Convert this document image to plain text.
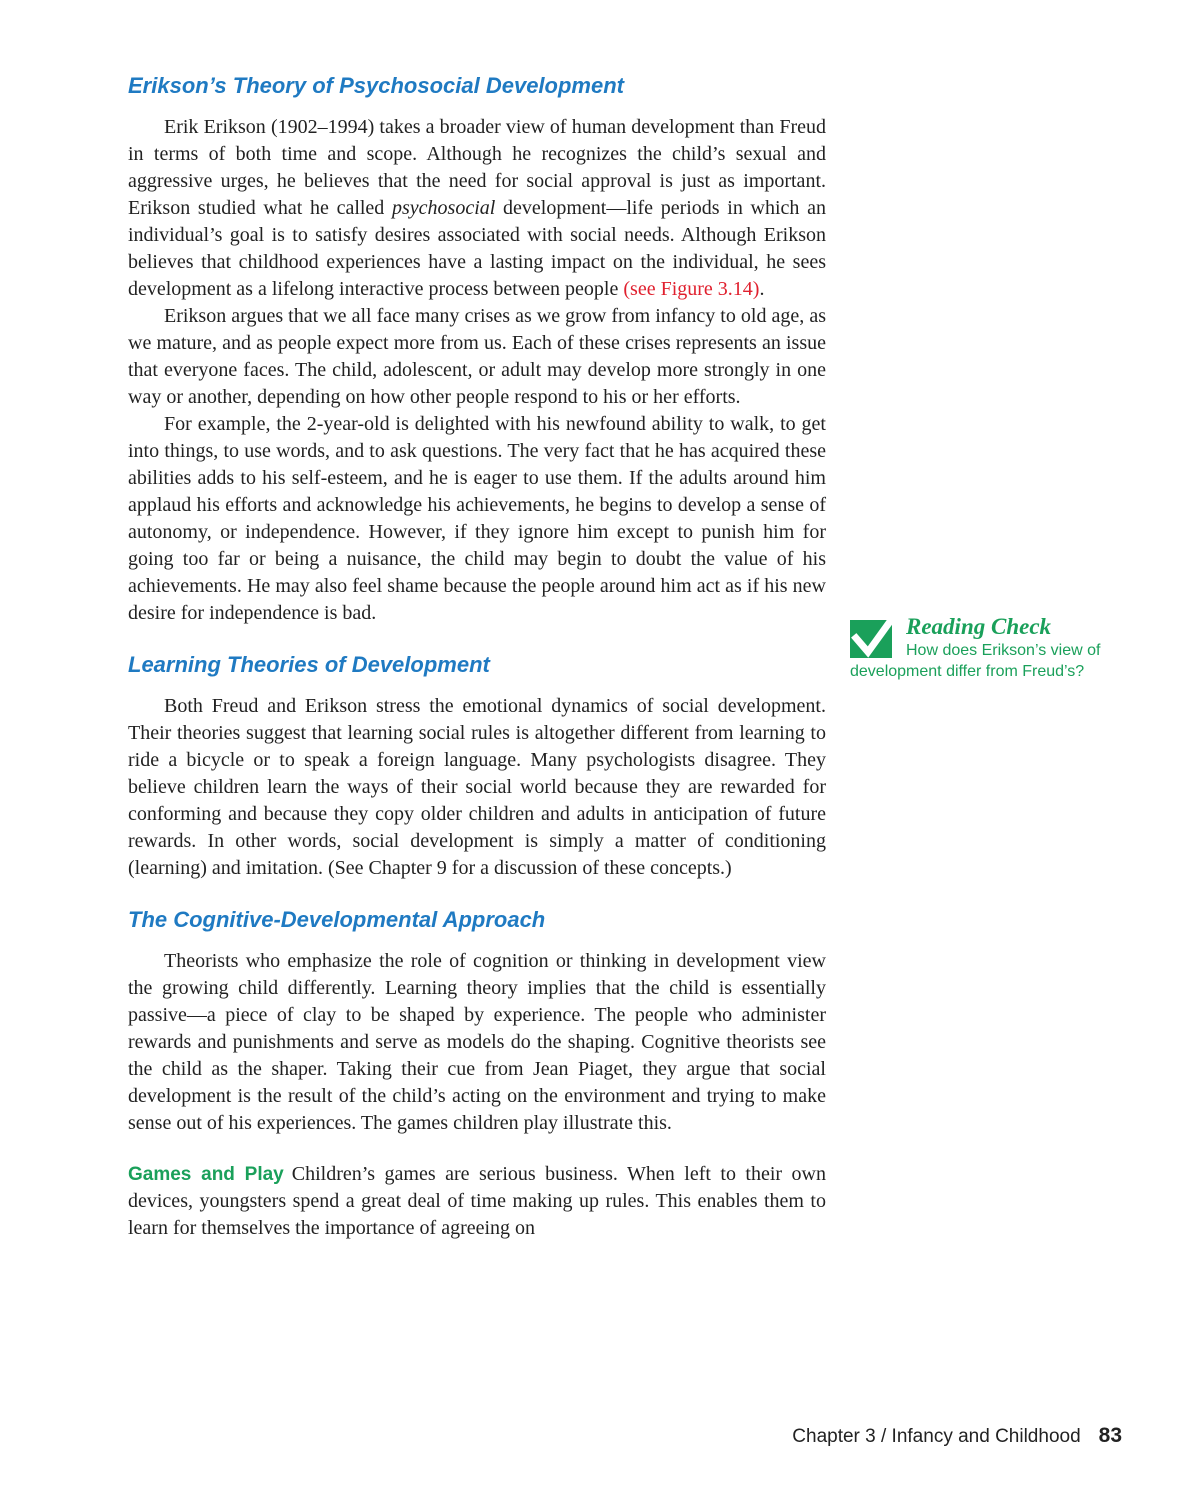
Erikson’s Theory of Psychosocial Development

Erik Erikson (1902–1994) takes a broader view of human development than Freud in terms of both time and scope. Although he recognizes the child’s sexual and aggressive urges, he believes that the need for social approval is just as important. Erikson studied what he called psychosocial development—life periods in which an individual’s goal is to satisfy desires associated with social needs. Although Erikson believes that childhood experiences have a lasting impact on the individual, he sees development as a lifelong interactive process between people (see Figure 3.14).

Erikson argues that we all face many crises as we grow from infancy to old age, as we mature, and as people expect more from us. Each of these crises represents an issue that everyone faces. The child, adolescent, or adult may develop more strongly in one way or another, depending on how other people respond to his or her efforts.

For example, the 2-year-old is delighted with his newfound ability to walk, to get into things, to use words, and to ask questions. The very fact that he has acquired these abilities adds to his self-esteem, and he is eager to use them. If the adults around him applaud his efforts and acknowledge his achievements, he begins to develop a sense of autonomy, or independence. However, if they ignore him except to punish him for going too far or being a nuisance, the child may begin to doubt the value of his achievements. He may also feel shame because the people around him act as if his new desire for independence is bad.

Learning Theories of Development

Both Freud and Erikson stress the emotional dynamics of social development. Their theories suggest that learning social rules is altogether different from learning to ride a bicycle or to speak a foreign language. Many psychologists disagree. They believe children learn the ways of their social world because they are rewarded for conforming and because they copy older children and adults in anticipation of future rewards. In other words, social development is simply a matter of conditioning (learning) and imitation. (See Chapter 9 for a discussion of these concepts.)

The Cognitive-Developmental Approach

Theorists who emphasize the role of cognition or thinking in development view the growing child differently. Learning theory implies that the child is essentially passive—a piece of clay to be shaped by experience. The people who administer rewards and punishments and serve as models do the shaping. Cognitive theorists see the child as the shaper. Taking their cue from Jean Piaget, they argue that social development is the result of the child’s acting on the environment and trying to make sense out of his experiences. The games children play illustrate this.

Games and Play Children’s games are serious business. When left to their own devices, youngsters spend a great deal of time making up rules. This enables them to learn for themselves the importance of agreeing on

Reading Check
How does Erikson’s view of development differ from Freud’s?
Chapter 3 / Infancy and Childhood 83
